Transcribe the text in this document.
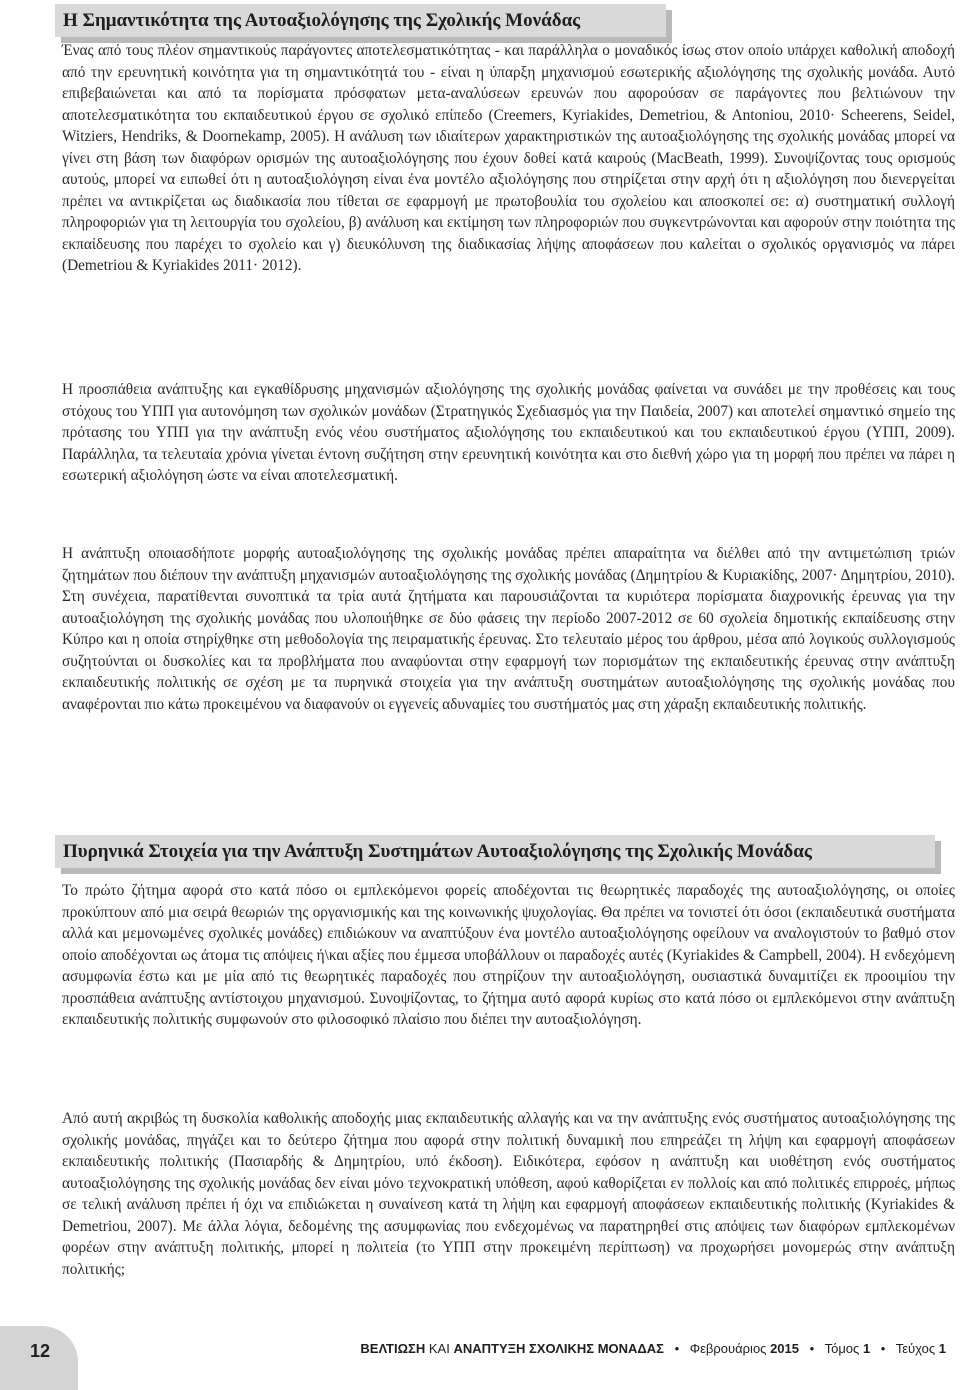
Η Σημαντικότητα της Αυτοαξιολόγησης της Σχολικής Μονάδας

Ένας από τους πλέον σημαντικούς παράγοντες αποτελεσματικότητας - και παράλληλα ο μοναδικός ίσως στον οποίο υπάρχει καθολική αποδοχή από την ερευνητική κοινότητα για τη σημαντικότητά του - είναι η ύπαρξη μηχανισμού εσωτερικής αξιολόγησης της σχολικής μονάδα. Αυτό επιβεβαιώνεται και από τα πορίσματα πρόσφατων μετα-αναλύσεων ερευνών που αφορούσαν σε παράγοντες που βελτιώνουν την αποτελεσματικότητα του εκπαιδευτικού έργου σε σχολικό επίπεδο (Creemers, Kyriakides, Demetriou, & Antoniou, 2010· Scheerens, Seidel, Witziers, Hendriks, & Doornekamp, 2005). Η ανάλυση των ιδιαίτερων χαρακτηριστικών της αυτοαξιολόγησης της σχολικής μονάδας μπορεί να γίνει στη βάση των διαφόρων ορισμών της αυτοαξιολόγησης που έχουν δοθεί κατά καιρούς (MacBeath, 1999). Συνοψίζοντας τους ορισμούς αυτούς, μπορεί να ειπωθεί ότι η αυτοαξιολόγηση είναι ένα μοντέλο αξιολόγησης που στηρίζεται στην αρχή ότι η αξιολόγηση που διενεργείται πρέπει να αντικρίζεται ως διαδικασία που τίθεται σε εφαρμογή με πρωτοβουλία του σχολείου και αποσκοπεί σε: α) συστηματική συλλογή πληροφοριών για τη λειτουργία του σχολείου, β) ανάλυση και εκτίμηση των πληροφοριών που συγκεντρώνονται και αφορούν στην ποιότητα της εκπαίδευσης που παρέχει το σχολείο και γ) διευκόλυνση της διαδικασίας λήψης αποφάσεων που καλείται ο σχολικός οργανισμός να πάρει (Demetriou & Kyriakides 2011· 2012).

Η προσπάθεια ανάπτυξης και εγκαθίδρυσης μηχανισμών αξιολόγησης της σχολικής μονάδας φαίνεται να συνάδει με την προθέσεις και τους στόχους του ΥΠΠ για αυτονόμηση των σχολικών μονάδων (Στρατηγικός Σχεδιασμός για την Παιδεία, 2007) και αποτελεί σημαντικό σημείο της πρότασης του ΥΠΠ για την ανάπτυξη ενός νέου συστήματος αξιολόγησης του εκπαιδευτικού και του εκπαιδευτικού έργου (ΥΠΠ, 2009). Παράλληλα, τα τελευταία χρόνια γίνεται έντονη συζήτηση στην ερευνητική κοινότητα και στο διεθνή χώρο για τη μορφή που πρέπει να πάρει η εσωτερική αξιολόγηση ώστε να είναι αποτελεσματική.

Η ανάπτυξη οποιασδήποτε μορφής αυτοαξιολόγησης της σχολικής μονάδας πρέπει απαραίτητα να διέλθει από την αντιμετώπιση τριών ζητημάτων που διέπουν την ανάπτυξη μηχανισμών αυτοαξιολόγησης της σχολικής μονάδας (Δημητρίου & Κυριακίδης, 2007· Δημητρίου, 2010). Στη συνέχεια, παρατίθενται συνοπτικά τα τρία αυτά ζητήματα και παρουσιάζονται τα κυριότερα πορίσματα διαχρονικής έρευνας για την αυτοαξιολόγηση της σχολικής μονάδας που υλοποιήθηκε σε δύο φάσεις την περίοδο 2007-2012 σε 60 σχολεία δημοτικής εκπαίδευσης στην Κύπρο και η οποία στηρίχθηκε στη μεθοδολογία της πειραματικής έρευνας. Στο τελευταίο μέρος του άρθρου, μέσα από λογικούς συλλογισμούς συζητούνται οι δυσκολίες και τα προβλήματα που αναφύονται στην εφαρμογή των πορισμάτων της εκπαιδευτικής έρευνας στην ανάπτυξη εκπαιδευτικής πολιτικής σε σχέση με τα πυρηνικά στοιχεία για την ανάπτυξη συστημάτων αυτοαξιολόγησης της σχολικής μονάδας που αναφέρονται πιο κάτω προκειμένου να διαφανούν οι εγγενείς αδυναμίες του συστήματός μας στη χάραξη εκπαιδευτικής πολιτικής.

Πυρηνικά Στοιχεία για την Ανάπτυξη Συστημάτων Αυτοαξιολόγησης της Σχολικής Μονάδας

Το πρώτο ζήτημα αφορά στο κατά πόσο οι εμπλεκόμενοι φορείς αποδέχονται τις θεωρητικές παραδοχές της αυτοαξιολόγησης, οι οποίες προκύπτουν από μια σειρά θεωριών της οργανισμικής και της κοινωνικής ψυχολογίας. Θα πρέπει να τονιστεί ότι όσοι (εκπαιδευτικά συστήματα αλλά και μεμονωμένες σχολικές μονάδες) επιδιώκουν να αναπτύξουν ένα μοντέλο αυτοαξιολόγησης οφείλουν να αναλογιστούν το βαθμό στον οποίο αποδέχονται ως άτομα τις απόψεις ή\και αξίες που έμμεσα υποβάλλουν οι παραδοχές αυτές (Kyriakides & Campbell, 2004). Η ενδεχόμενη ασυμφωνία έστω και με μία από τις θεωρητικές παραδοχές που στηρίζουν την αυτοαξιολόγηση, ουσιαστικά δυναμιτίζει εκ προοιμίου την προσπάθεια ανάπτυξης αντίστοιχου μηχανισμού. Συνοψίζοντας, το ζήτημα αυτό αφορά κυρίως στο κατά πόσο οι εμπλεκόμενοι στην ανάπτυξη εκπαιδευτικής πολιτικής συμφωνούν στο φιλοσοφικό πλαίσιο που διέπει την αυτοαξιολόγηση.

Από αυτή ακριβώς τη δυσκολία καθολικής αποδοχής μιας εκπαιδευτικής αλλαγής και να την ανάπτυξης ενός συστήματος αυτοαξιολόγησης της σχολικής μονάδας, πηγάζει και το δεύτερο ζήτημα που αφορά στην πολιτική δυναμική που επηρεάζει τη λήψη και εφαρμογή αποφάσεων εκπαιδευτικής πολιτικής (Πασιαρδής & Δημητρίου, υπό έκδοση). Ειδικότερα, εφόσον η ανάπτυξη και υιοθέτηση ενός συστήματος αυτοαξιολόγησης της σχολικής μονάδας δεν είναι μόνο τεχνοκρατική υπόθεση, αφού καθορίζεται εν πολλοίς και από πολιτικές επιρροές, μήπως σε τελική ανάλυση πρέπει ή όχι να επιδιώκεται η συναίνεση κατά τη λήψη και εφαρμογή αποφάσεων εκπαιδευτικής πολιτικής (Kyriakides & Demetriou, 2007). Με άλλα λόγια, δεδομένης της ασυμφωνίας που ενδεχομένως να παρατηρηθεί στις απόψεις των διαφόρων εμπλεκομένων φορέων στην ανάπτυξη πολιτικής, μπορεί η πολιτεία (το ΥΠΠ στην προκειμένη περίπτωση) να προχωρήσει μονομερώς στην ανάπτυξη πολιτικής;

12	ΒΕΛΤΙΩΣΗ ΚΑΙ ΑΝΑΠΤΥΞΗ ΣΧΟΛΙΚΗΣ ΜΟΝΑΔΑΣ • Φεβρουάριος 2015 • Τόμος 1 • Τεύχος 1
